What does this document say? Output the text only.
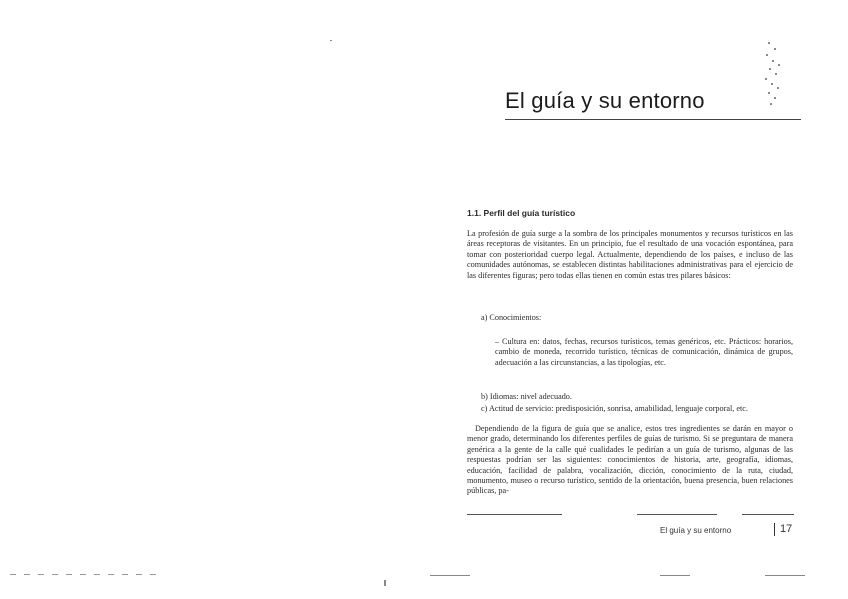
El guía y su entorno
1.1. Perfil del guía turístico
La profesión de guía surge a la sombra de los principales monumentos y recursos turísticos en las áreas receptoras de visitantes. En un principio, fue el resultado de una vocación espontánea, para tomar con posterioridad cuerpo legal. Actualmente, dependiendo de los países, e incluso de las comunidades autónomas, se establecen distintas habilitaciones administrativas para el ejercicio de las diferentes figuras; pero todas ellas tienen en común estas tres pilares básicos:
a) Conocimientos:
– Cultura en: datos, fechas, recursos turísticos, temas genéricos, etc. Prácticos: horarios, cambio de moneda, recorrido turístico, técnicas de comunicación, dinámica de grupos, adecuación a las circunstancias, a las tipologías, etc.
b) Idiomas: nivel adecuado.
c) Actitud de servicio: predisposición, sonrisa, amabilidad, lenguaje corporal, etc.
Dependiendo de la figura de guía que se analice, estos tres ingredientes se darán en mayor o menor grado, determinando los diferentes perfiles de guías de turismo. Si se preguntara de manera genérica a la gente de la calle qué cualidades le pedirían a un guía de turismo, algunas de las respuestas podrían ser las siguientes: conocimientos de historia, arte, geografía, idiomas, educación, facilidad de palabra, vocalización, dicción, conocimiento de la ruta, ciudad, monumento, museo o recurso turístico, sentido de la orientación, buena presencia, buen relaciones públicas, pa-
El guía y su entorno	17
